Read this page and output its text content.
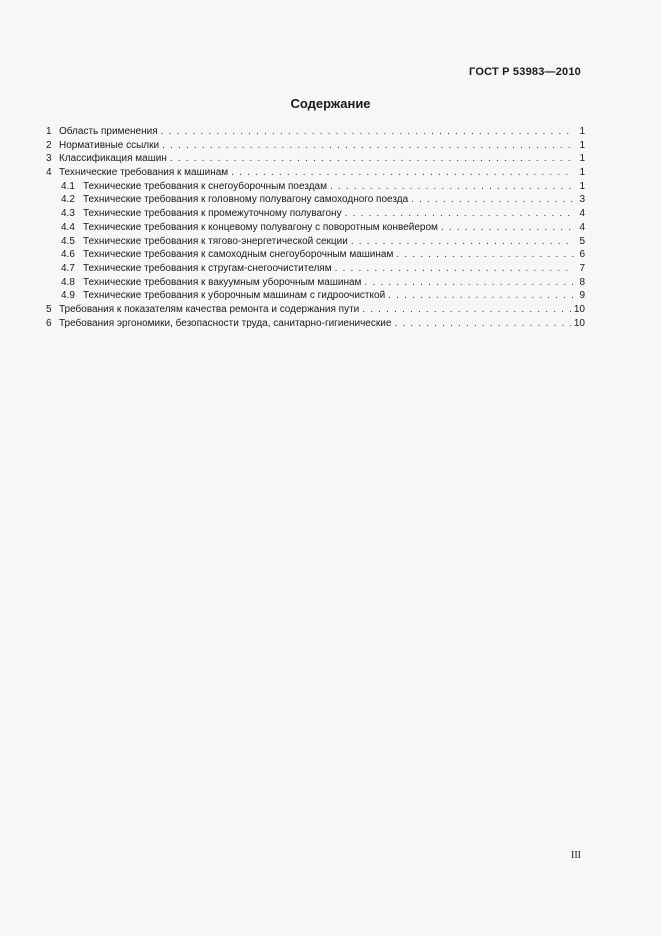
ГОСТ Р 53983—2010
Содержание
1 Область применения . . .	1
2 Нормативные ссылки . . .	1
3 Классификация машин . . .	1
4 Технические требования к машинам . . .	1
4.1 Технические требования к снегоуборочным поездам . . .	1
4.2 Технические требования к головному полувагону самоходного поезда . . .	3
4.3 Технические требования к промежуточному полувагону . . .	4
4.4 Технические требования к концевому полувагону с поворотным конвейером . . .	4
4.5 Технические требования к тягово-энергетической секции . . .	5
4.6 Технические требования к самоходным снегоуборочным машинам . . .	6
4.7 Технические требования к стругам-снегоочистителям . . .	7
4.8 Технические требования к вакуумным уборочным машинам . . .	8
4.9 Технические требования к уборочным машинам с гидроочисткой . . .	9
5 Требования к показателям качества ремонта и содержания пути . . .	10
6 Требования эргономики, безопасности труда, санитарно-гигиенические . . .	10
III
